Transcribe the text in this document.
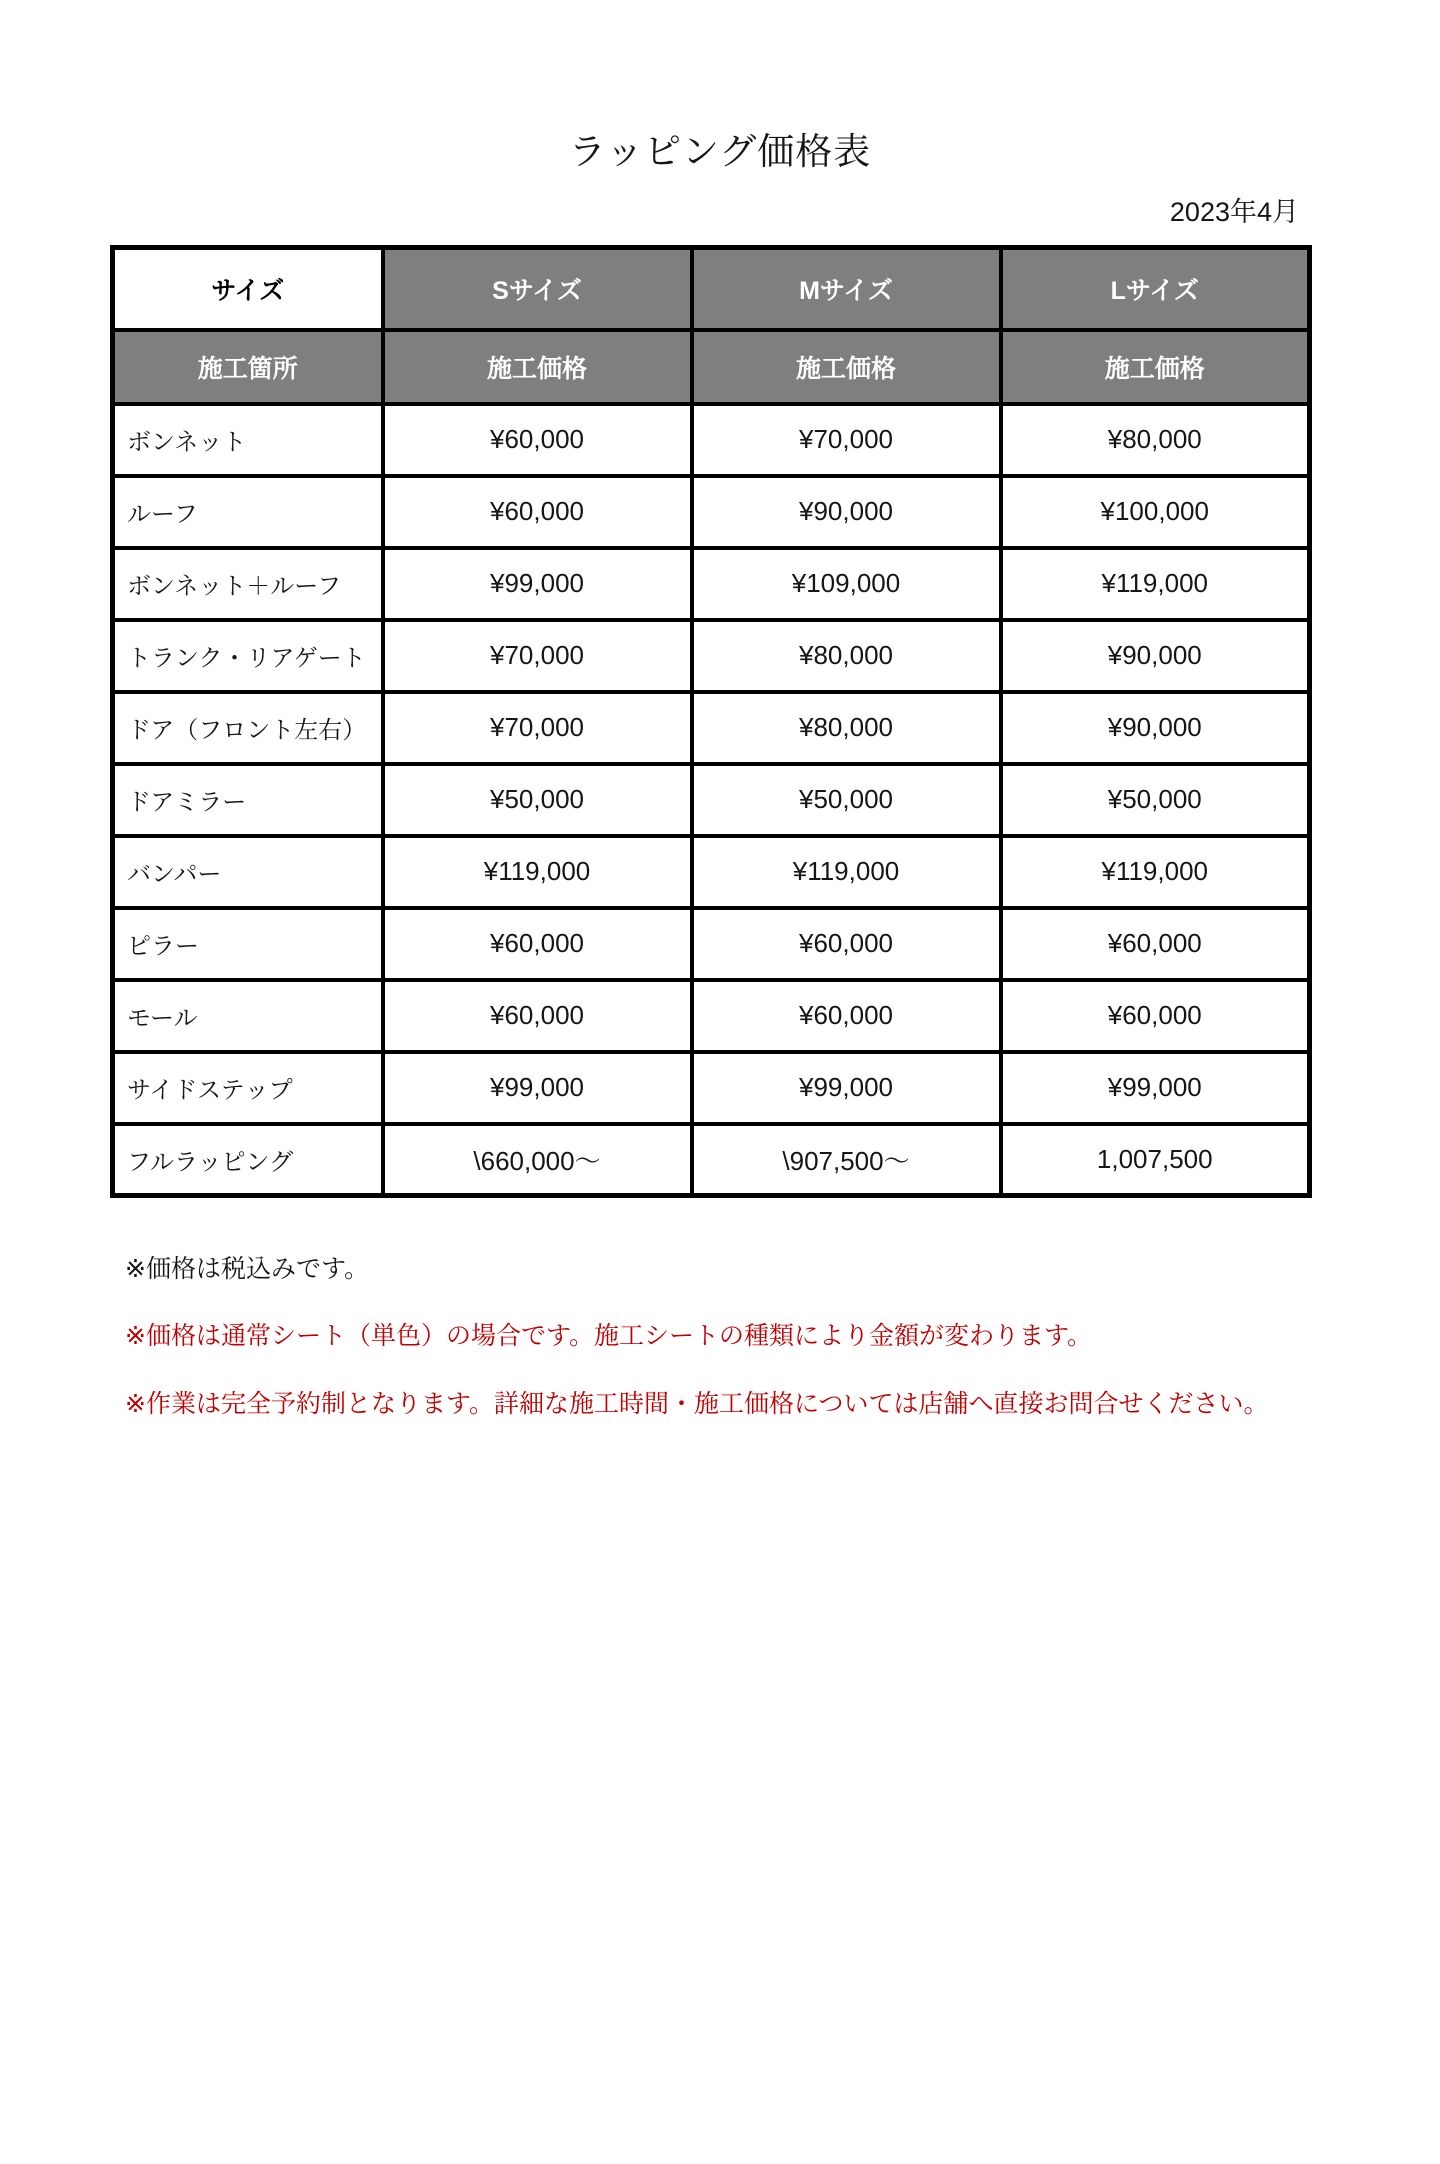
ラッピング価格表
2023年4月
サイズ	Sサイズ	Mサイズ	Lサイズ
施工箇所	施工価格	施工価格	施工価格
ボンネット	¥60,000	¥70,000	¥80,000
ルーフ	¥60,000	¥90,000	¥100,000
ボンネット＋ルーフ	¥99,000	¥109,000	¥119,000
トランク・リアゲート	¥70,000	¥80,000	¥90,000
ドア（フロント左右）	¥70,000	¥80,000	¥90,000
ドアミラー	¥50,000	¥50,000	¥50,000
バンパー	¥119,000	¥119,000	¥119,000
ピラー	¥60,000	¥60,000	¥60,000
モール	¥60,000	¥60,000	¥60,000
サイドステップ	¥99,000	¥99,000	¥99,000
フルラッピング	\660,000～	\907,500～	1,007,500

※価格は税込みです。

※価格は通常シート（単色）の場合です。施工シートの種類により金額が変わります。

※作業は完全予約制となります。詳細な施工時間・施工価格については店舗へ直接お問合せください。
